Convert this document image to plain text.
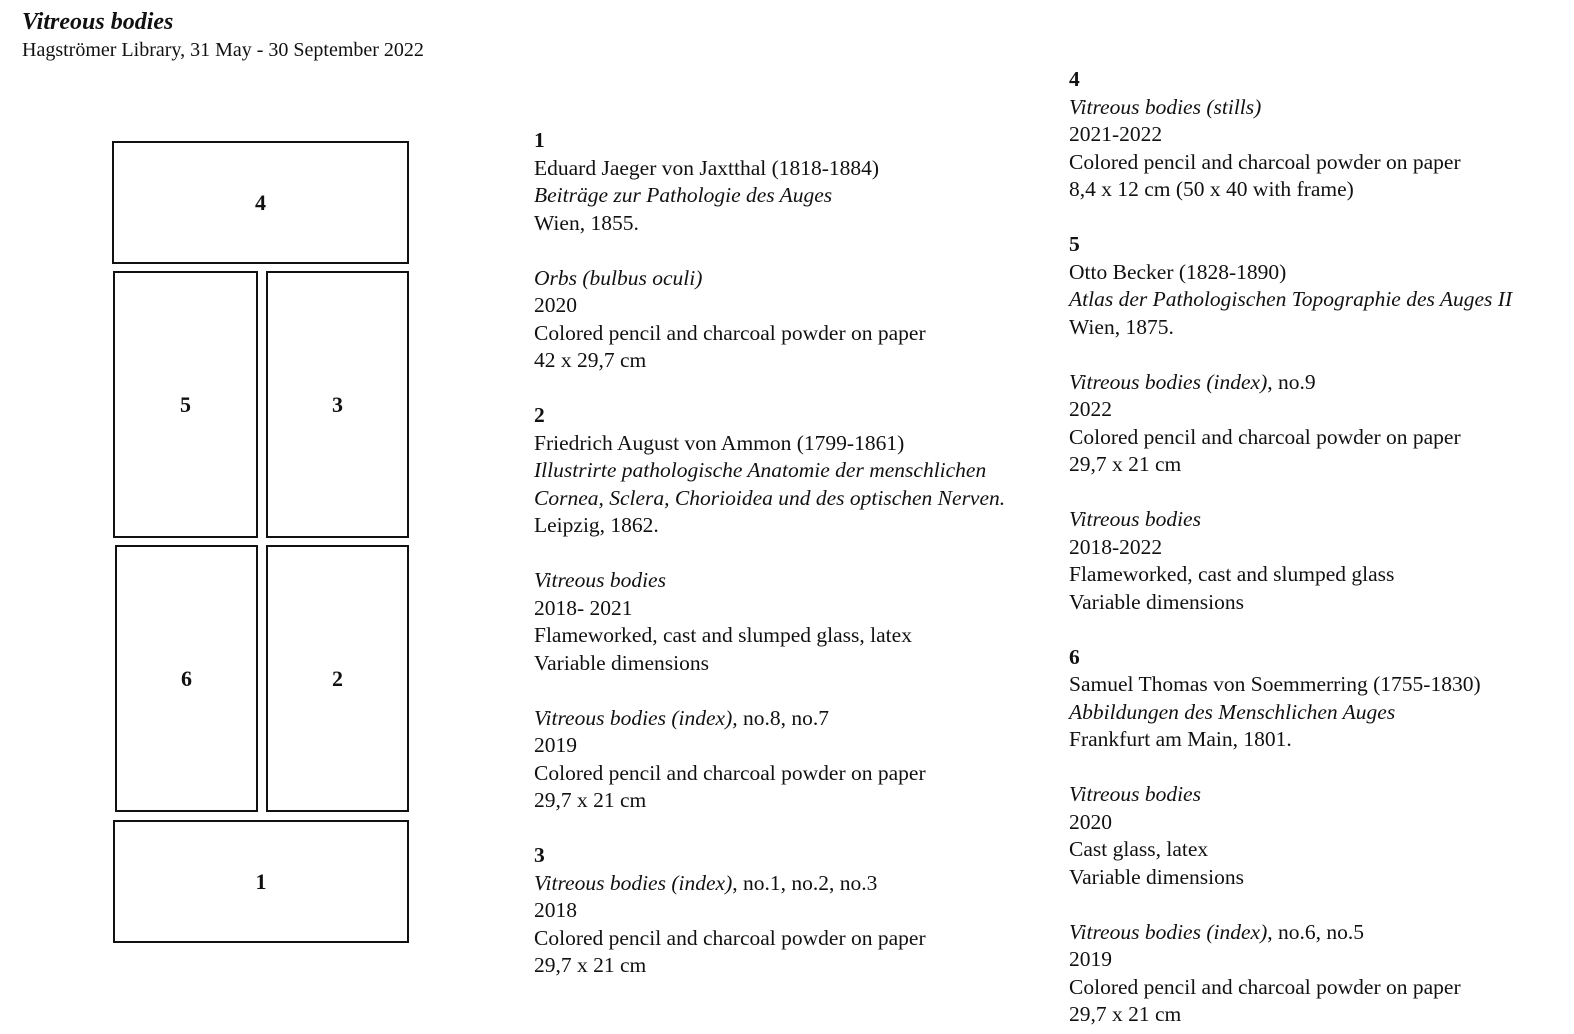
Vitreous bodies
Hagströmer Library, 31 May - 30 September 2022
4
5	3
6	2
1

1

Eduard Jaeger von Jaxtthal (1818-1884)

Beiträge zur Pathologie des Auges

Wien, 1855.

Orbs (bulbus oculi)

2020

Colored pencil and charcoal powder on paper

42 x 29,7 cm

2

Friedrich August von Ammon (1799-1861)

Illustrirte pathologische Anatomie der menschlichen

Cornea, Sclera, Chorioidea und des optischen Nerven.

Leipzig, 1862.

Vitreous bodies

2018- 2021

Flameworked, cast and slumped glass, latex

Variable dimensions

Vitreous bodies (index), no.8, no.7

2019

Colored pencil and charcoal powder on paper

29,7 x 21 cm

3

Vitreous bodies (index), no.1, no.2, no.3

2018

Colored pencil and charcoal powder on paper

29,7 x 21 cm

4

Vitreous bodies (stills)

2021-2022

Colored pencil and charcoal powder on paper

8,4 x 12 cm (50 x 40 with frame)

5

Otto Becker (1828-1890)

Atlas der Pathologischen Topographie des Auges II

Wien, 1875.

Vitreous bodies (index), no.9

2022

Colored pencil and charcoal powder on paper

29,7 x 21 cm

Vitreous bodies

2018-2022

Flameworked, cast and slumped glass

Variable dimensions

6

Samuel Thomas von Soemmerring (1755-1830)

Abbildungen des Menschlichen Auges

Frankfurt am Main, 1801.

Vitreous bodies

2020

Cast glass, latex

Variable dimensions

Vitreous bodies (index), no.6, no.5

2019

Colored pencil and charcoal powder on paper

29,7 x 21 cm
